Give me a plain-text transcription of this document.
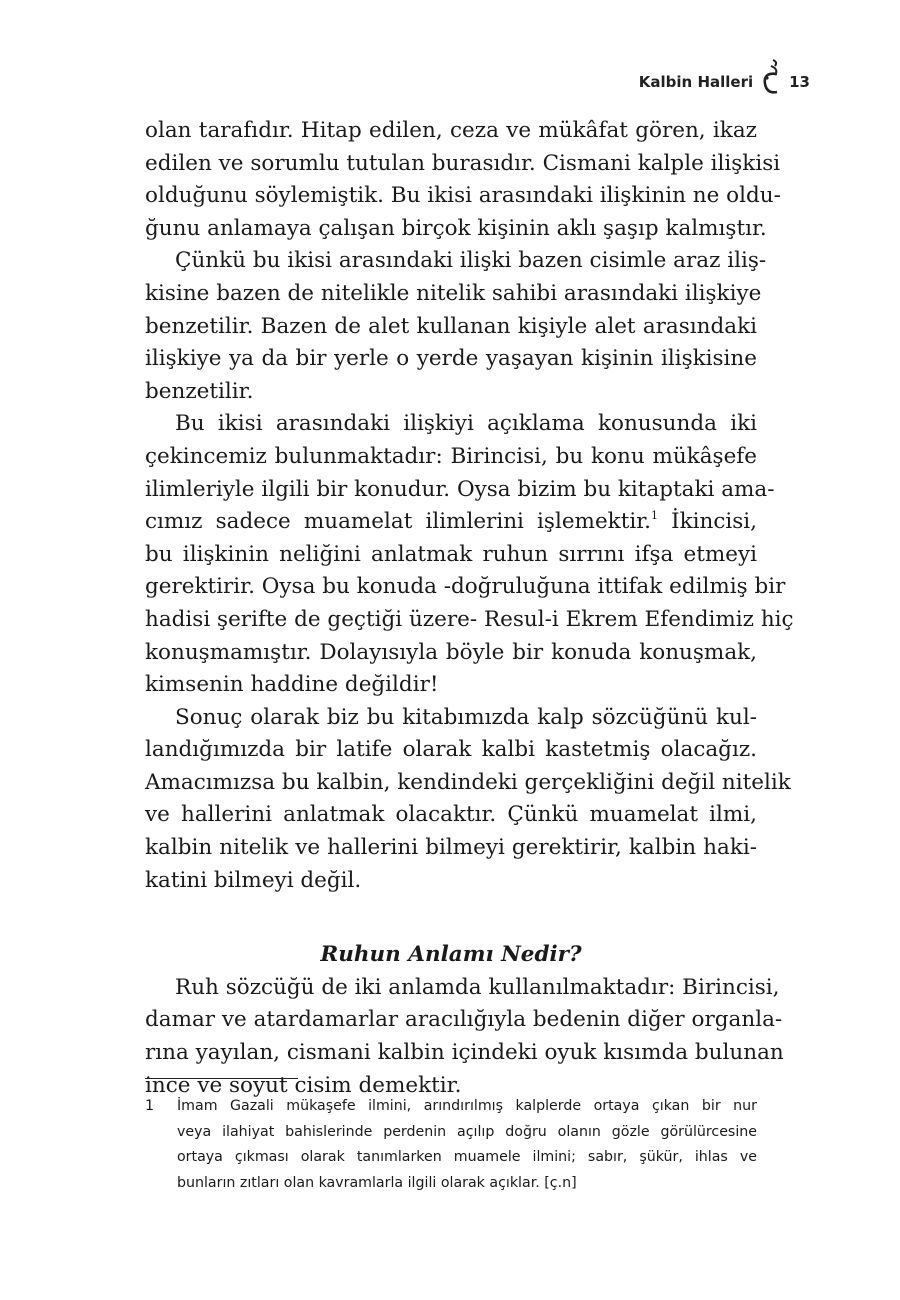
Kalbin Halleri 13

olan tarafıdır. Hitap edilen, ceza ve mükâfat gören, ikaz
edilen ve sorumlu tutulan burasıdır. Cismani kalple ilişkisi
olduğunu söylemiştik. Bu ikisi arasındaki ilişkinin ne oldu-
ğunu anlamaya çalışan birçok kişinin aklı şaşıp kalmıştır.

Çünkü bu ikisi arasındaki ilişki bazen cisimle araz iliş-
kisine bazen de nitelikle nitelik sahibi arasındaki ilişkiye
benzetilir. Bazen de alet kullanan kişiyle alet arasındaki
ilişkiye ya da bir yerle o yerde yaşayan kişinin ilişkisine
benzetilir.

Bu ikisi arasındaki ilişkiyi açıklama konusunda iki
çekincemiz bulunmaktadır: Birincisi, bu konu mükâşefe
ilimleriyle ilgili bir konudur. Oysa bizim bu kitaptaki ama-
cımız sadece muamelat ilimlerini işlemektir.$^1$ İkincisi,
bu ilişkinin neliğini anlatmak ruhun sırrını ifşa etmeyi
gerektirir. Oysa bu konuda -doğruluğuna ittifak edilmiş bir
hadisi şerifte de geçtiği üzere- Resul-i Ekrem Efendimiz hiç
konuşmamıştır. Dolayısıyla böyle bir konuda konuşmak,
kimsenin haddine değildir!

Sonuç olarak biz bu kitabımızda kalp sözcüğünü kul-
landığımızda bir latife olarak kalbi kastetmiş olacağız.
Amacımızsa bu kalbin, kendindeki gerçekliğini değil nitelik
ve hallerini anlatmak olacaktır. Çünkü muamelat ilmi,
kalbin nitelik ve hallerini bilmeyi gerektirir, kalbin haki-
katini bilmeyi değil.

Ruhun Anlamı Nedir?

Ruh sözcüğü de iki anlamda kullanılmaktadır: Birincisi,
damar ve atardamarlar aracılığıyla bedenin diğer organla-
rına yayılan, cismani kalbin içindeki oyuk kısımda bulunan
ince ve soyut cisim demektir.

1 İmam Gazali mükaşefe ilmini, arındırılmış kalplerde ortaya çıkan bir nur
veya ilahiyat bahislerinde perdenin açılıp doğru olanın gözle görülürcesine
ortaya çıkması olarak tanımlarken muamele ilmini; sabır, şükür, ihlas ve
bunların zıtları olan kavramlarla ilgili olarak açıklar. [ç.n]
